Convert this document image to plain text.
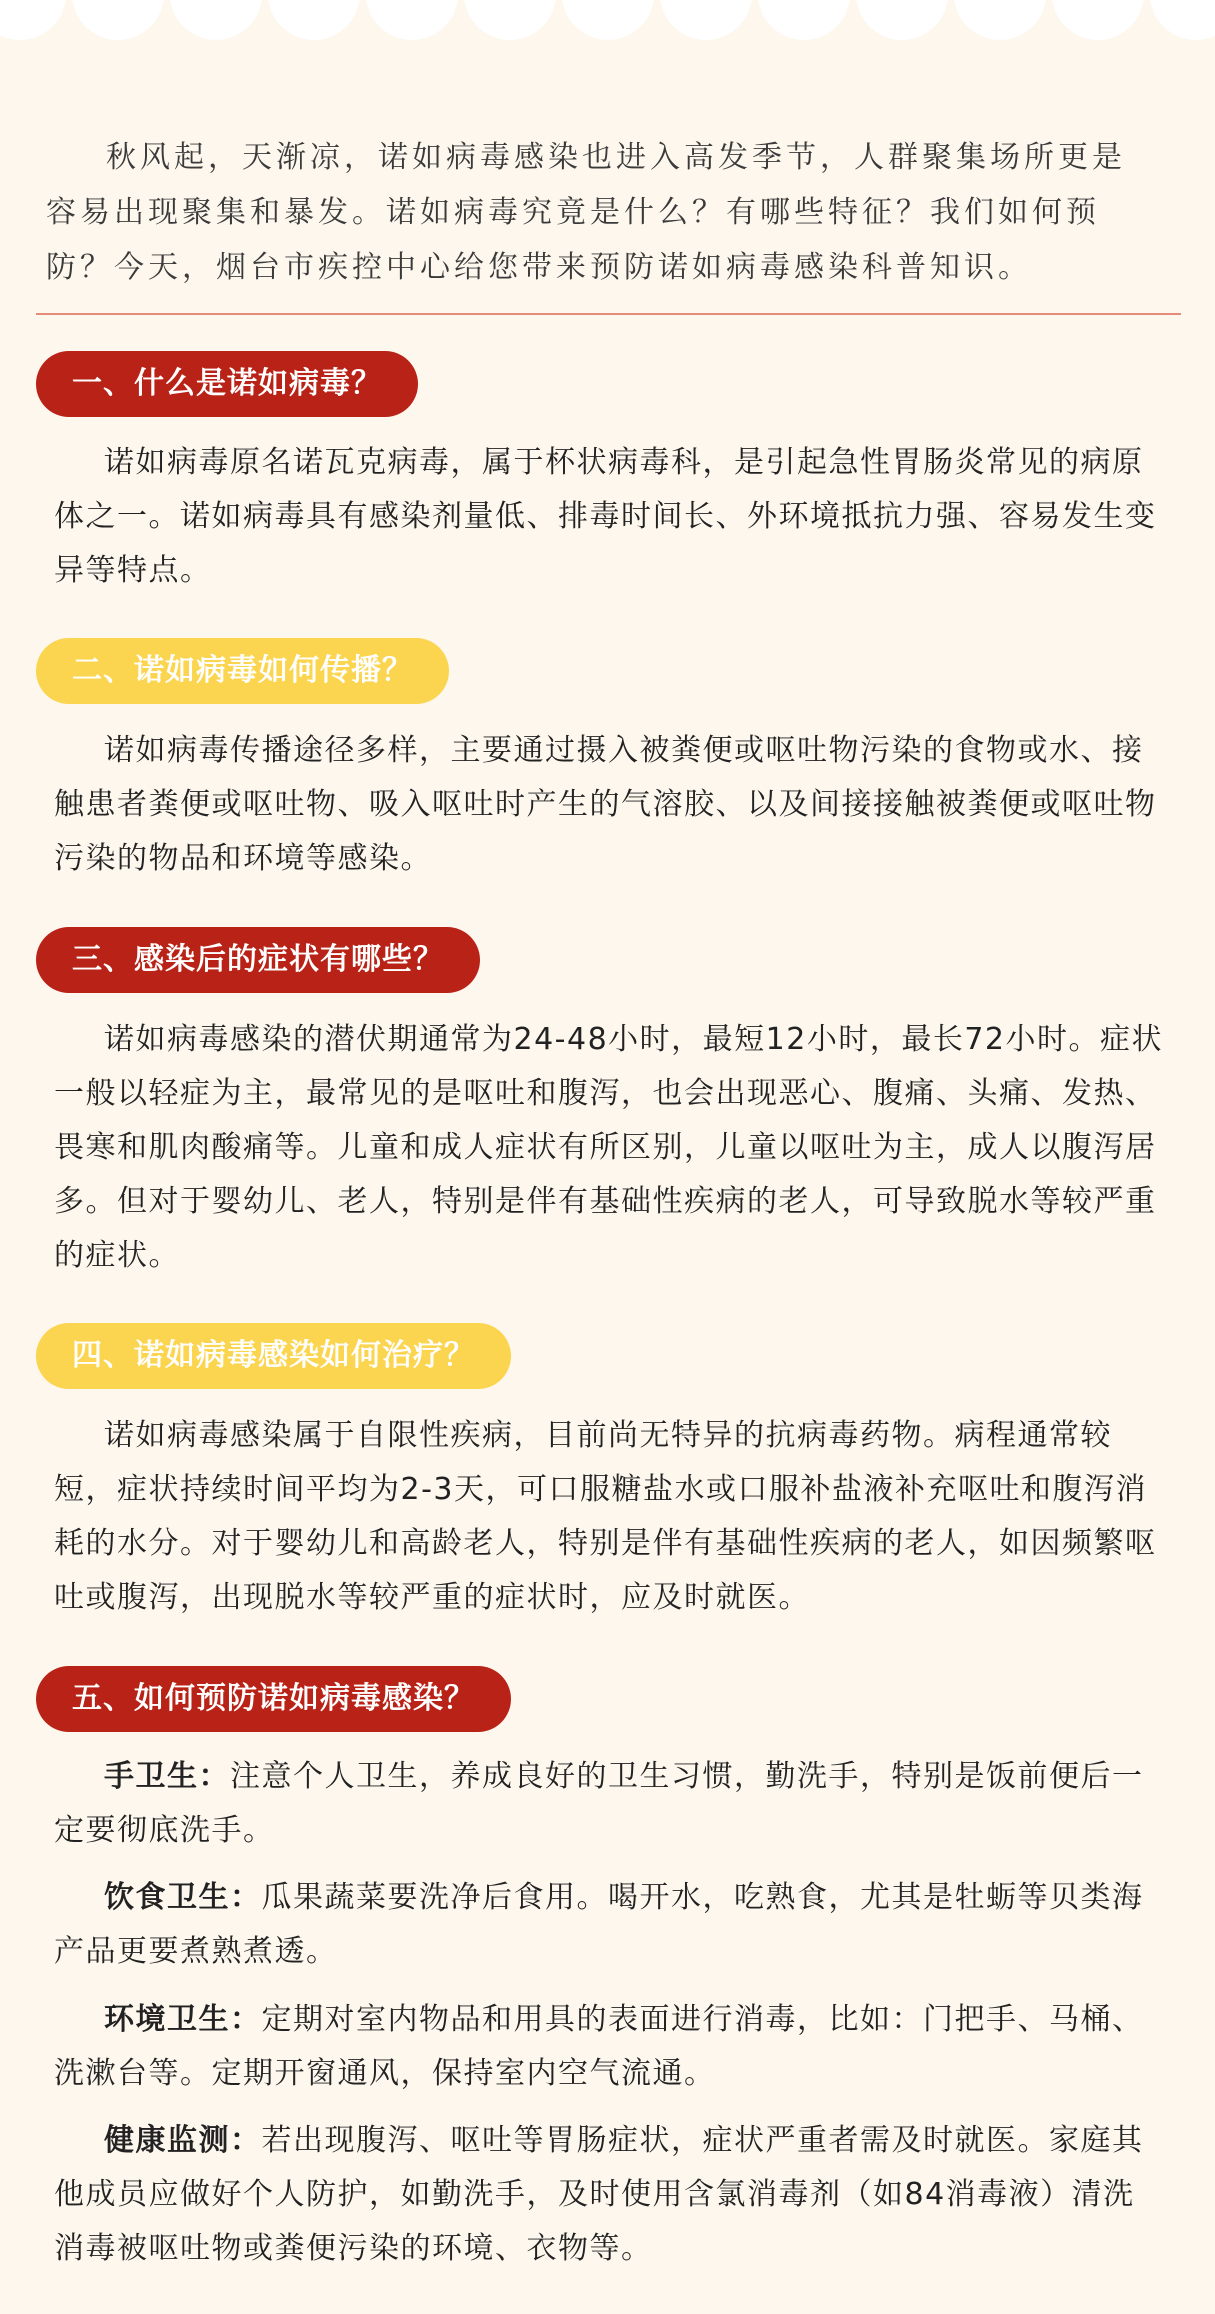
秋风起，天渐凉，诺如病毒感染也进入高发季节，人群聚集场所更是容易出现聚集和暴发。诺如病毒究竟是什么？有哪些特征？我们如何预防？今天，烟台市疾控中心给您带来预防诺如病毒感染科普知识。

一、什么是诺如病毒？

诺如病毒原名诺瓦克病毒，属于杯状病毒科，是引起急性胃肠炎常见的病原体之一。诺如病毒具有感染剂量低、排毒时间长、外环境抵抗力强、容易发生变异等特点。

二、诺如病毒如何传播？

诺如病毒传播途径多样，主要通过摄入被粪便或呕吐物污染的食物或水、接触患者粪便或呕吐物、吸入呕吐时产生的气溶胶、以及间接接触被粪便或呕吐物污染的物品和环境等感染。

三、感染后的症状有哪些？

诺如病毒感染的潜伏期通常为24-48小时，最短12小时，最长72小时。症状一般以轻症为主，最常见的是呕吐和腹泻，也会出现恶心、腹痛、头痛、发热、畏寒和肌肉酸痛等。儿童和成人症状有所区别，儿童以呕吐为主，成人以腹泻居多。但对于婴幼儿、老人，特别是伴有基础性疾病的老人，可导致脱水等较严重的症状。

四、诺如病毒感染如何治疗？

诺如病毒感染属于自限性疾病，目前尚无特异的抗病毒药物。病程通常较短，症状持续时间平均为2-3天，可口服糖盐水或口服补盐液补充呕吐和腹泻消耗的水分。对于婴幼儿和高龄老人，特别是伴有基础性疾病的老人，如因频繁呕吐或腹泻，出现脱水等较严重的症状时，应及时就医。

五、如何预防诺如病毒感染？

手卫生：注意个人卫生，养成良好的卫生习惯，勤洗手，特别是饭前便后一定要彻底洗手。

饮食卫生：瓜果蔬菜要洗净后食用。喝开水，吃熟食，尤其是牡蛎等贝类海产品更要煮熟煮透。

环境卫生：定期对室内物品和用具的表面进行消毒，比如：门把手、马桶、洗漱台等。定期开窗通风，保持室内空气流通。

健康监测：若出现腹泻、呕吐等胃肠症状，症状严重者需及时就医。家庭其他成员应做好个人防护，如勤洗手，及时使用含氯消毒剂（如84消毒液）清洗消毒被呕吐物或粪便污染的环境、衣物等。
